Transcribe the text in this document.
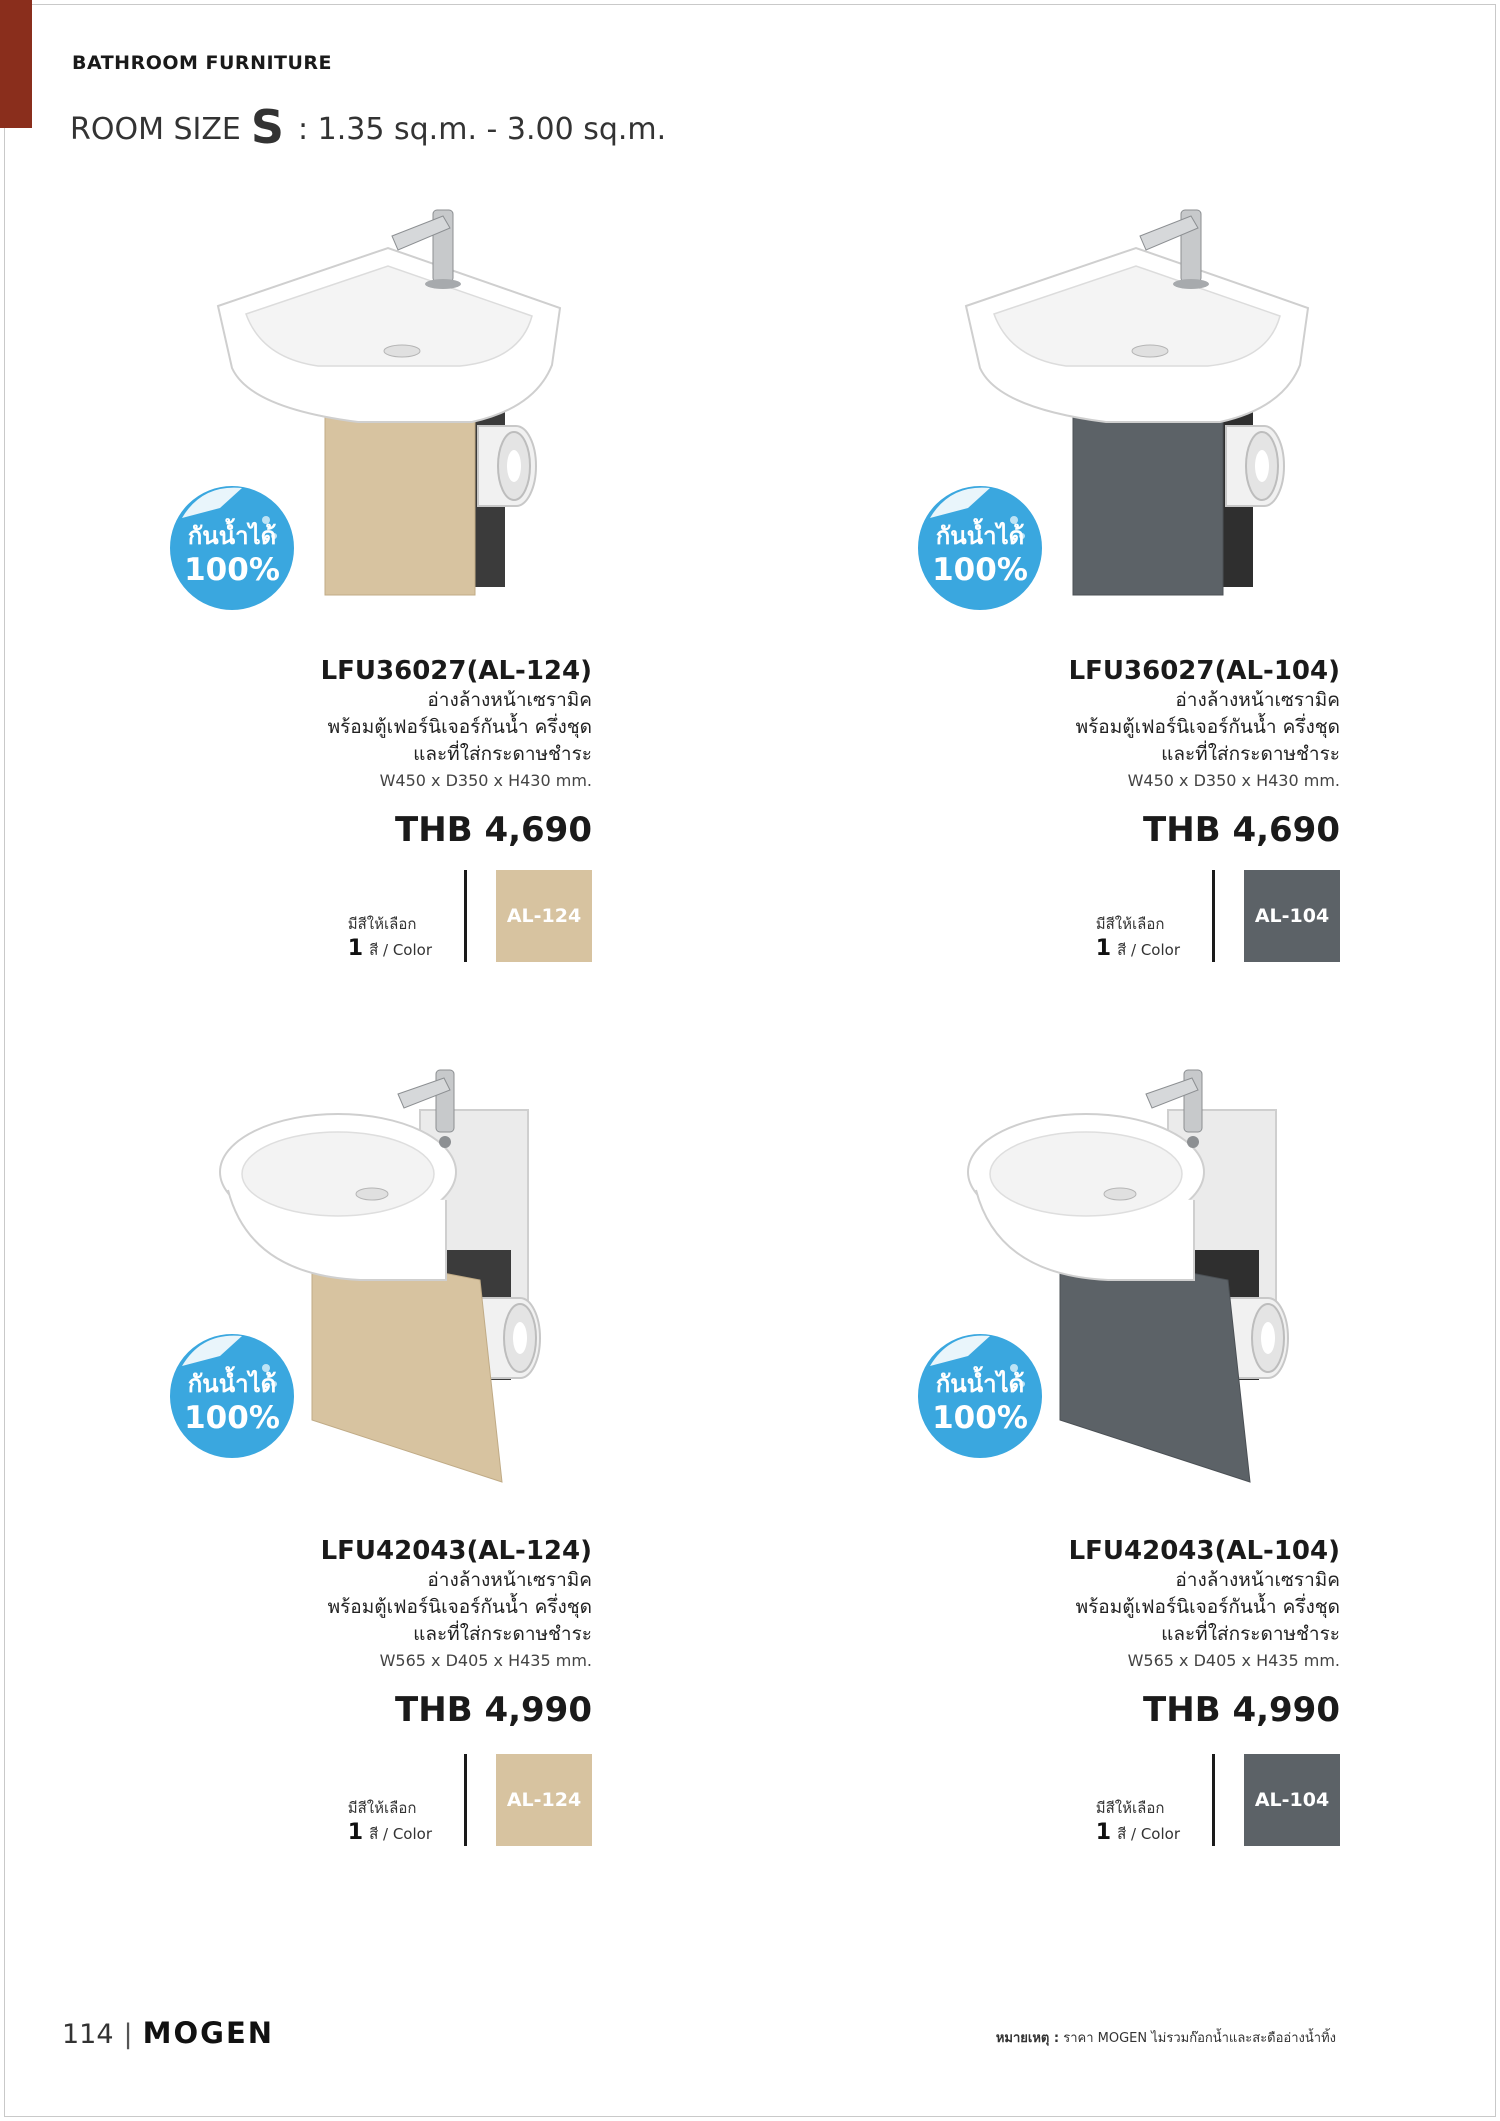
BATHROOM FURNITURE
ROOM SIZE S : 1.35 sq.m. - 3.00 sq.m.
กันน้ำได้
100%
LFU36027(AL-124)
อ่างล้างหน้าเซรามิค
พร้อมตู้เฟอร์นิเจอร์กันน้ำ ครึ่งชุด
และที่ใส่กระดาษชำระ
W450 x D350 x H430 mm.
THB 4,690
มีสีให้เลือก
1 สี / Color
AL-124
กันน้ำได้
100%
LFU36027(AL-104)
อ่างล้างหน้าเซรามิค
พร้อมตู้เฟอร์นิเจอร์กันน้ำ ครึ่งชุด
และที่ใส่กระดาษชำระ
W450 x D350 x H430 mm.
THB 4,690
มีสีให้เลือก
1 สี / Color
AL-104
กันน้ำได้
100%
LFU42043(AL-124)
อ่างล้างหน้าเซรามิค
พร้อมตู้เฟอร์นิเจอร์กันน้ำ ครึ่งชุด
และที่ใส่กระดาษชำระ
W565 x D405 x H435 mm.
THB 4,990
มีสีให้เลือก
1 สี / Color
AL-124
กันน้ำได้
100%
LFU42043(AL-104)
อ่างล้างหน้าเซรามิค
พร้อมตู้เฟอร์นิเจอร์กันน้ำ ครึ่งชุด
และที่ใส่กระดาษชำระ
W565 x D405 x H435 mm.
THB 4,990
มีสีให้เลือก
1 สี / Color
AL-104
114 | MOGEN	หมายเหตุ : ราคา MOGEN ไม่รวมก๊อกน้ำและสะดืออ่างน้ำทิ้ง
